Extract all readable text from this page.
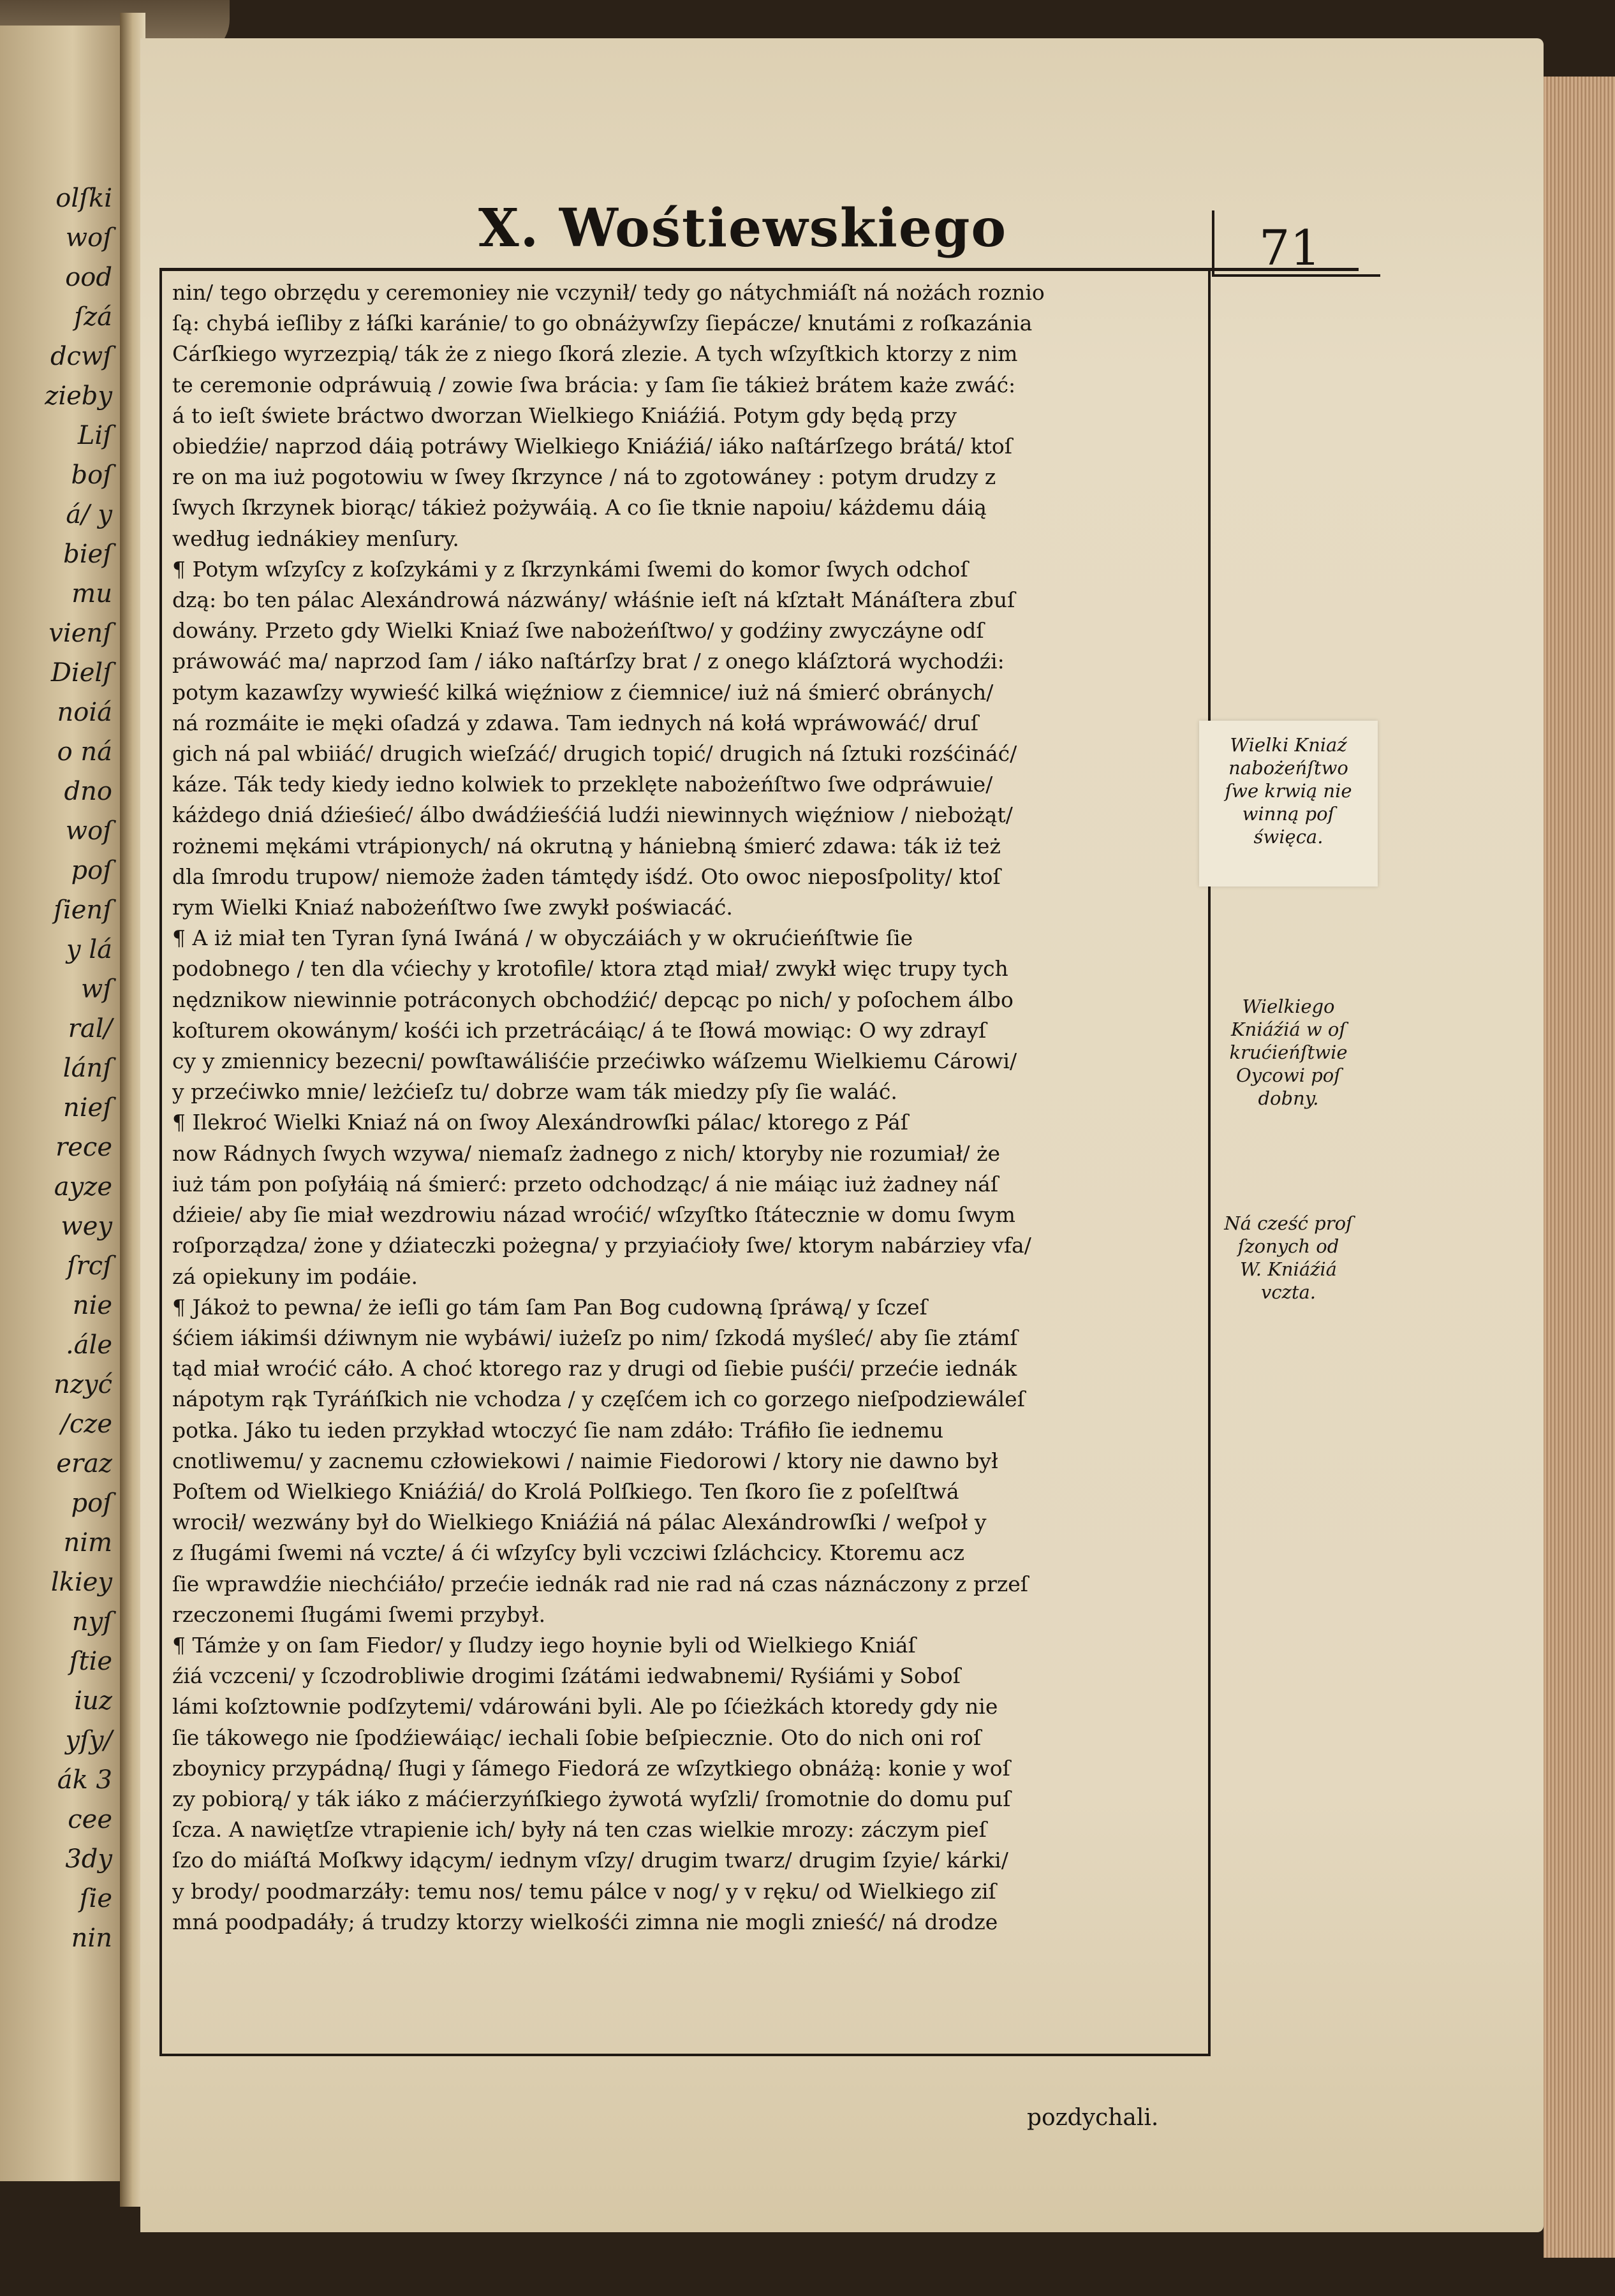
olſki
woſ
ood
ſzá
dcwſ
zieby
Liſ
boſ
á/ y
bieſ
mu
vienſ
Dielſ
noiá
o ná
dno
woſ
poſ
ſienſ
y lá
wſ
ral/
lánſ
nieſ
rece
ayze
wey
ſrcſ
nie
.ále
nzyć
/cze
eraz
poſ
nim
lkiey
nyſ
ſtie
iuz
yſy/
ák 3
cee
3dy
ſie
nin
X. Wośtiewskiego	71
nin/ tego obrzędu y ceremoniey nie vczynił/ tedy go nátychmiáſt ná nożách roznio
ſą: chybá ieſliby z łáſki karánie/ to go obnáżywſzy ſiepácze/ knutámi z roſkazánia
Cárſkiego wyrzezpią/ ták że z niego ſkorá zlezie. A tych wſzyſtkich ktorzy z nim
te ceremonie odpráwuią / zowie ſwa brácia: y ſam ſie tákież brátem każe zwáć:
á to ieſt świete bráctwo dworzan Wielkiego Kniáźiá. Potym gdy będą przy
obiedźie/ naprzod dáią potráwy Wielkiego Kniáźiá/ iáko naſtárſzego brátá/ ktoſ
re on ma iuż pogotowiu w ſwey ſkrzynce / ná to zgotowáney : potym drudzy z
ſwych ſkrzynek biorąc/ tákież pożywáią. A co ſie tknie napoiu/ káżdemu dáią
według iednákiey menſury.
¶ Potym wſzyſcy z koſzykámi y z ſkrzynkámi ſwemi do komor ſwych odchoſ
dzą: bo ten pálac Alexándrowá názwány/ włáśnie ieſt ná kſztałt Mánáſtera zbuſ
dowány. Przeto gdy Wielki Kniaź ſwe nabożeńſtwo/ y godźiny zwyczáyne odſ
práwowáć ma/ naprzod ſam / iáko naſtárſzy brat / z onego kláſztorá wychodźi:
potym kazawſzy wywieść kilká więźniow z ćiemnice/ iuż ná śmierć obránych/
ná rozmáite ie męki oſadzá y zdawa. Tam iednych ná kołá wpráwowáć/ druſ
gich ná pal wbiiáć/ drugich wieſzáć/ drugich topić/ drugich ná ſztuki rozśćináć/
káze. Ták tedy kiedy iedno kolwiek to przeklęte nabożeńſtwo ſwe odpráwuie/
káżdego dniá dźieśieć/ álbo dwádźieśćiá ludźi niewinnych więźniow / niebożąt/
rożnemi mękámi vtrápionych/ ná okrutną y hániebną śmierć zdawa: ták iż też
dla ſmrodu trupow/ niemoże żaden támtędy iśdź. Oto owoc nieposſpolity/ ktoſ
rym Wielki Kniaź nabożeńſtwo ſwe zwykł poświacáć.
¶ A iż miał ten Tyran ſyná Iwáná / w obyczáiách y w okrućieńſtwie ſie
podobnego / ten dla vćiechy y krotofile/ ktora ztąd miał/ zwykł więc trupy tych
nędznikow niewinnie potráconych obchodźić/ depcąc po nich/ y poſochem álbo
koſturem okowánym/ kośći ich przetrácáiąc/ á te ſłowá mowiąc: O wy zdrayſ
cy y zmiennicy bezecni/ powſtawáliśćie przećiwko wáſzemu Wielkiemu Cárowi/
y przećiwko mnie/ leżćieſz tu/ dobrze wam ták miedzy pſy ſie waláć.
¶ Ilekroć Wielki Kniaź ná on ſwoy Alexándrowſki pálac/ ktorego z Páſ
now Rádnych ſwych wzywa/ niemaſz żadnego z nich/ ktoryby nie rozumiał/ że
iuż tám pon poſyłáią ná śmierć: przeto odchodząc/ á nie máiąc iuż żadney náſ
dźieie/ aby ſie miał wezdrowiu názad wroćić/ wſzyſtko ſtátecznie w domu ſwym
roſporządza/ żone y dźiateczki pożegna/ y przyiaćioły ſwe/ ktorym nabárziey vfa/
zá opiekuny im podáie.
¶ Jákoż to pewna/ że ieſli go tám ſam Pan Bog cudowną ſpráwą/ y ſczeſ
śćiem iákimśi dźiwnym nie wybáwi/ iużeſz po nim/ ſzkodá myśleć/ aby ſie ztámſ
tąd miał wroćić cáło. A choć ktorego raz y drugi od ſiebie puśći/ przećie iednák
nápotym rąk Tyráńſkich nie vchodza / y częſćem ich co gorzego nieſpodziewáleſ
potka. Jáko tu ieden przykład wtoczyć ſie nam zdáło: Tráfiło ſie iednemu
cnotliwemu/ y zacnemu człowiekowi / naimie Fiedorowi / ktory nie dawno był
Poſtem od Wielkiego Kniáźiá/ do Krolá Polſkiego. Ten ſkoro ſie z poſelſtwá
wrocił/ wezwány był do Wielkiego Kniáźiá ná pálac Alexándrowſki / weſpoł y
z ſługámi ſwemi ná vczte/ á ći wſzyſcy byli vczciwi ſzláchcicy. Ktoremu acz
ſie wprawdźie niechćiáło/ przećie iednák rad nie rad ná czas náznáczony z przeſ
rzeczonemi ſługámi ſwemi przybył.
¶ Támże y on ſam Fiedor/ y ſludzy iego hoynie byli od Wielkiego Kniáſ
źiá vczceni/ y ſczodrobliwie drogimi ſzátámi iedwabnemi/ Ryśiámi y Soboſ
lámi koſztownie podſzytemi/ vdárowáni byli. Ale po ſćieżkách ktoredy gdy nie
ſie tákowego nie ſpodźiewáiąc/ iechali ſobie beſpiecznie. Oto do nich oni roſ
zboynicy przypádną/ ſługi y ſámego Fiedorá ze wſzytkiego obnáżą: konie y woſ
zy pobiorą/ y ták iáko z máćierzyńſkiego żywotá wyſzli/ ſromotnie do domu puſ
ſcza. A nawiętſze vtrapienie ich/ były ná ten czas wielkie mrozy: záczym pieſ
ſzo do miáſtá Moſkwy idącym/ iednym vſzy/ drugim twarz/ drugim ſzyie/ kárki/
y brody/ poodmarzáły: temu nos/ temu pálce v nog/ y v ręku/ od Wielkiego ziſ
mná poodpadáły; á trudzy ktorzy wielkośći zimna nie mogli znieść/ ná drodze
Wielki Kniaź
nabożeńſtwo
ſwe krwią nie
winną poſ
święca.
Wielkiego
Kniáźiá w oſ
krućieńſtwie
Oycowi poſ
dobny.
Ná cześć proſ
ſzonych od
W. Kniáźiá
vczta.
pozdychali.
